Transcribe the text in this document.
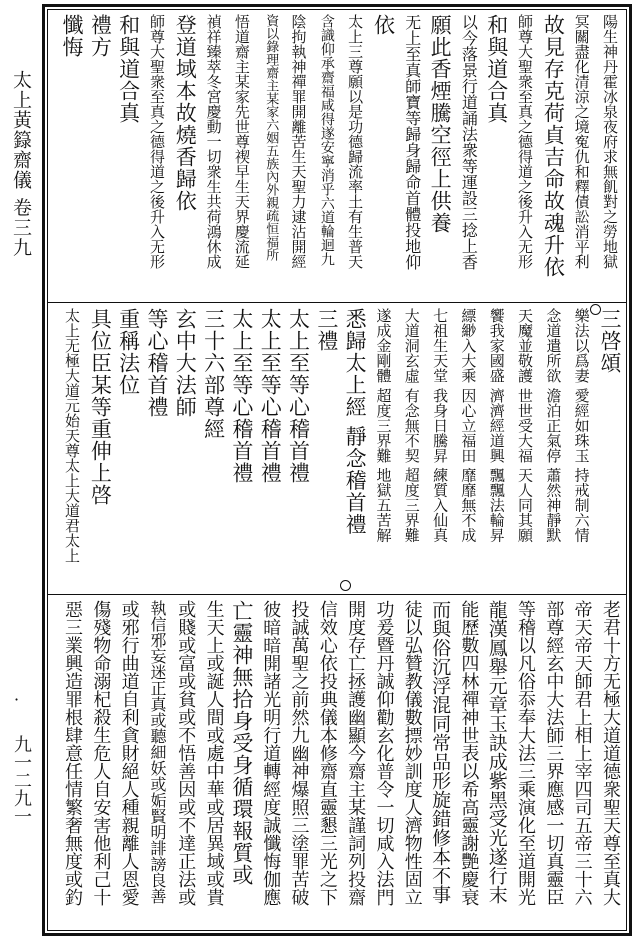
太上黃籙齋儀 卷三九
·
九一二九一
陽生神丹霍冰泉夜府求無飢對之勞地獄
冥關盡化清涼之境寃仇和釋債訟消平利
故見存克荷貞吉命故魂升依
師尊大聖衆至真之德得道之後升入无形
和與道合真
以今落景行道誦法衆等運設三捻上香
願此香煙騰空徑上供養
无上至真師寶等歸身歸命首體投地仰
依
太上三尊願以是功德歸流率土有生普天
含識仰承齋福咸得遂安寧消乎六道輪迴九
陰拘執神禪罪開離苦生天聖力逮沾開經
資以錄理齋主某家六姻五族內外親疏恒福所
悟道齋主某家先世尊禊早生天界慶流延
禎祥臻萃冬宮慶動一切衆生共荷鴻休成
登道域本故燒香歸依
師尊大聖衆至真之德得道之後升入无形
和與道合真
禮方
懺悔
三啓頌
樂法以爲妻 愛經如珠玉 持戒制六情
念道遣所欲 澹泊正氣停 蕭然神靜默
天魔並敬護 世世受大福 天人同其願
饗我家國盛 濟濟經道興 飄飄法輪昇
縹緲入大乘 因心立福田 靡靡無不成
七祖生天堂 我身日騰昇 練質入仙真
大道洞玄虛 有念無不契 超度三界難
遂成金剛體 超度三界難 地獄五苦解
悉歸太上經 靜念稽首禮
三禮
太上至等心稽首禮
太上至等心稽首禮
太上至等心稽首禮
三十六部尊經
玄中大法師
等心稽首禮
重稱法位
具位臣某等重伸上啓
太上无極大道元始天尊太上大道君太上
老君十方无極大道道德衆聖天尊至真大
帝天帝天師君上相上宰四司五帝三十六
部尊經玄中大法師三界應感一切真靈臣
等稽以凡俗忝奉大法三乘演化至道開光
龍漢鳳舉元章玉訣成紫黑受光遂行末
能歷數四林禪神世表以希高靈謝艷慶衰
而與俗沉浮混同常品形旋錯修本不事
徒以弘贊教儀數摽妙訓度人濟物性固立
功爰暨丹誠仰勸玄化普令一切咸入法門
開度存亡拯護幽顯今齋主某謹詞列投齋
信效心依投典儀本修齋直靈懇三光之下
投誠萬聖之前然九幽神爆照三塗罪苦破
彼暗暗開諸光明行道轉經度誠懺悔伽應
亡靈神無拾身受身循環報質或
生天上或誕人間或處中華或居異域或貴
或賤或富或貧或不悟善因或不達正法或
執信邪妄迷正真或聽細妖或姤賢明誹謗良善
或邪行曲道自利貪財絕人種親離人恩愛
傷殘物命溺杞殺生危人自安害他利己十
惡三業興造罪根肆意任情繁奢無度或釣
